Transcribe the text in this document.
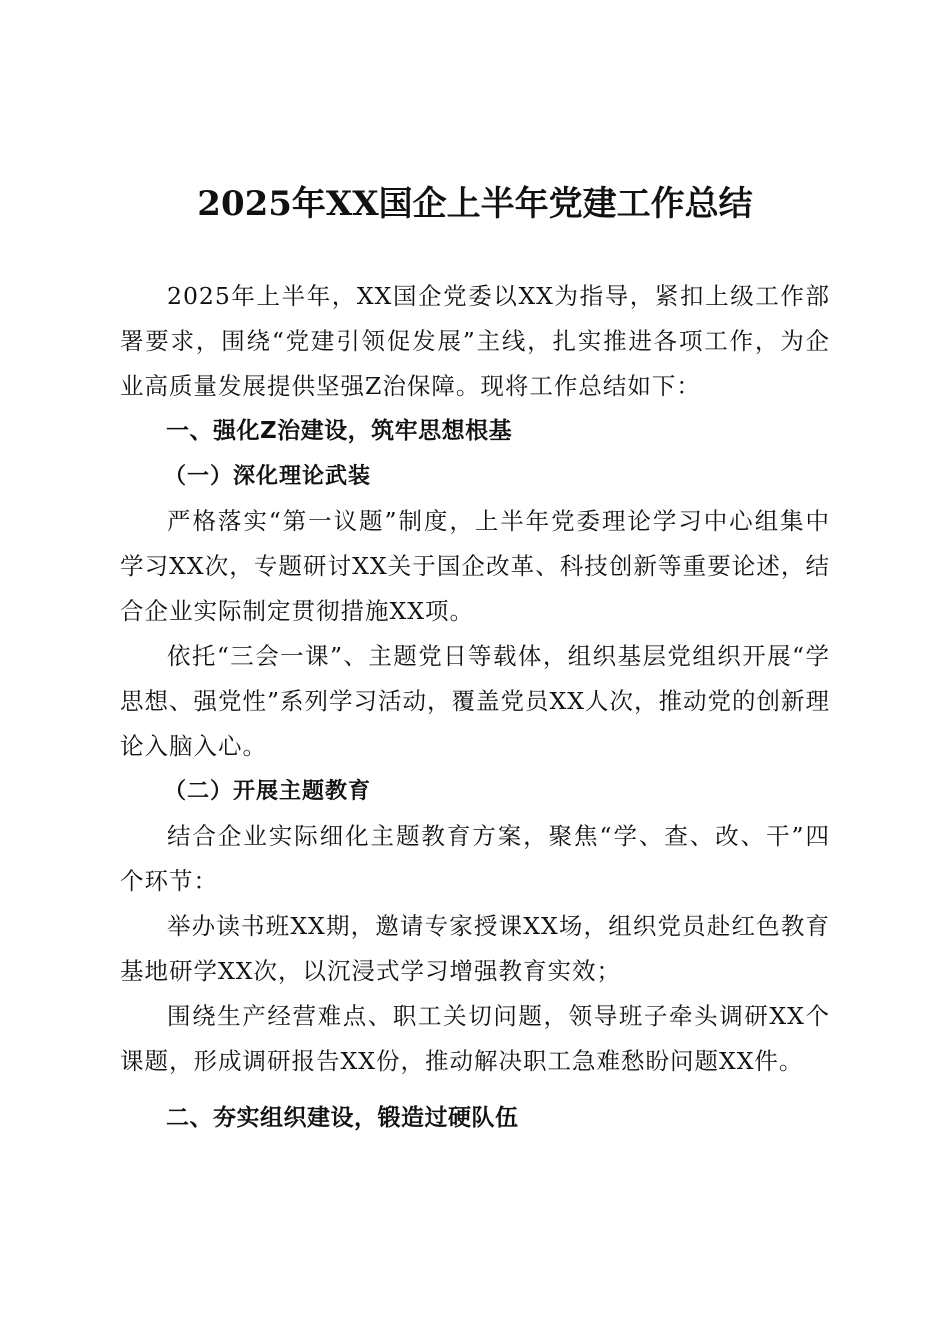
2025年XX国企上半年党建工作总结

2025年上半年，XX国企党委以XX为指导，紧扣上级工作部署要求，围绕“党建引领促发展”主线，扎实推进各项工作，为企业高质量发展提供坚强Z治保障。现将工作总结如下：

一、强化Z治建设，筑牢思想根基

（一）深化理论武装

严格落实“第一议题”制度，上半年党委理论学习中心组集中学习XX次，专题研讨XX关于国企改革、科技创新等重要论述，结合企业实际制定贯彻措施XX项。

依托“三会一课”、主题党日等载体，组织基层党组织开展“学思想、强党性”系列学习活动，覆盖党员XX人次，推动党的创新理论入脑入心。

（二）开展主题教育

结合企业实际细化主题教育方案，聚焦“学、查、改、干”四个环节：

举办读书班XX期，邀请专家授课XX场，组织党员赴红色教育基地研学XX次，以沉浸式学习增强教育实效；

围绕生产经营难点、职工关切问题，领导班子牵头调研XX个课题，形成调研报告XX份，推动解决职工急难愁盼问题XX件。

二、夯实组织建设，锻造过硬队伍
